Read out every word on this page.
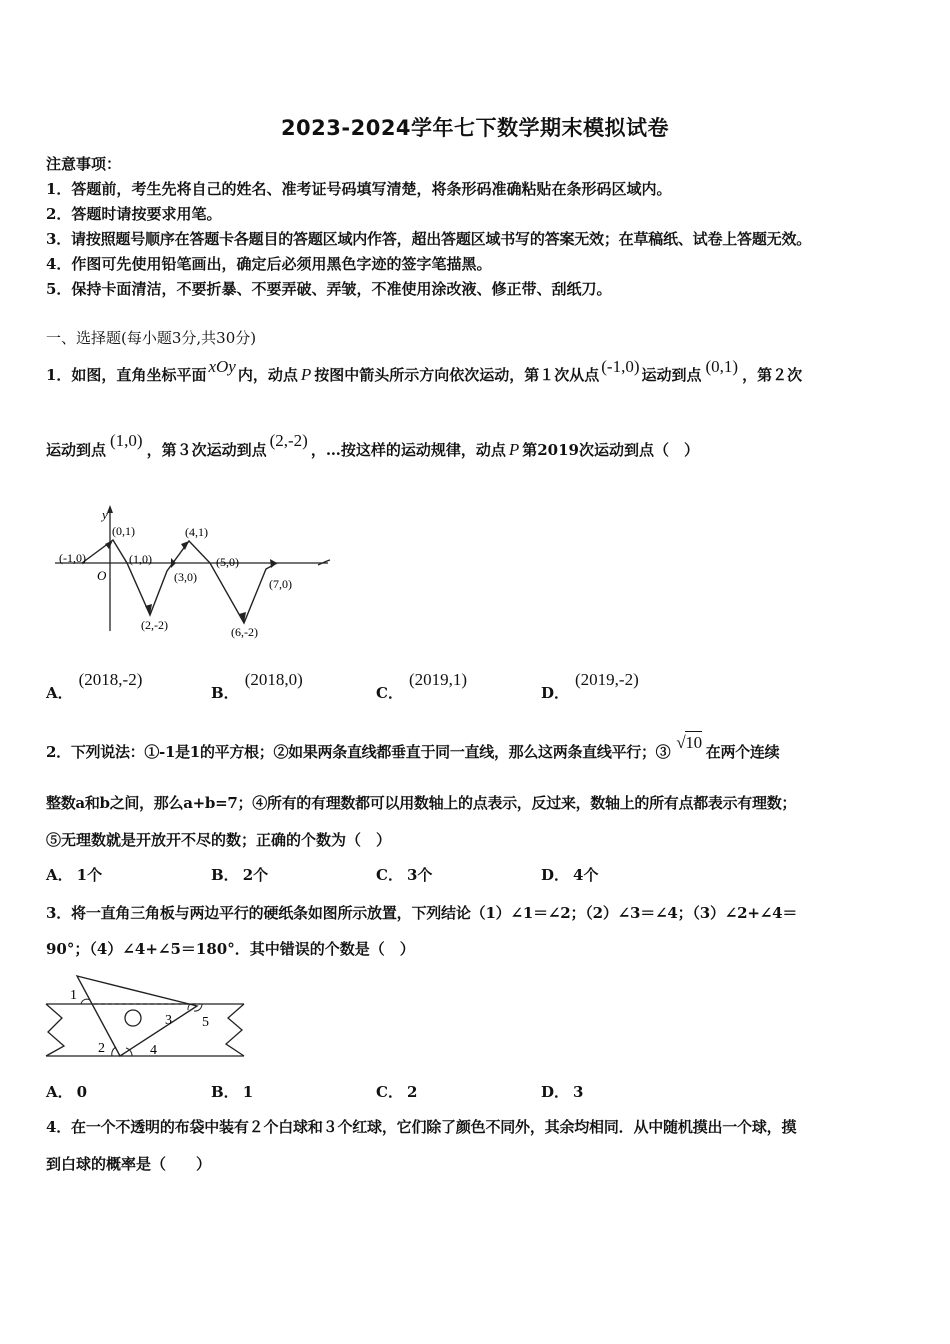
2023-2024学年七下数学期末模拟试卷
注意事项：
1．答题前，考生先将自己的姓名、准考证号码填写清楚，将条形码准确粘贴在条形码区域内。
2．答题时请按要求用笔。
3．请按照题号顺序在答题卡各题目的答题区域内作答，超出答题区域书写的答案无效；在草稿纸、试卷上答题无效。
4．作图可先使用铅笔画出，确定后必须用黑色字迹的签字笔描黑。
5．保持卡面清洁，不要折暴、不要弄破、弄皱，不准使用涂改液、修正带、刮纸刀。
一、选择题(每小题3分,共30分)
1．如图，直角坐标平面 xOy 内，动点 P 按图中箭头所示方向依次运动，第１次从点 (-1,0) 运动到点 (0,1) ，第２次
运动到点 (1,0) ，第３次运动到点 (2,-2) ，…按这样的运动规律，动点 P 第2019次运动到点（　）
y
O
(-1,0)
(0,1)
(1,0)
(2,-2)
(3,0)
(4,1)
(5,0)
(6,-2)
(7,0)
A．(2018,-2)
B．(2018,0)
C．(2019,1)
D．(2019,-2)
2．下列说法：①-1是1的平方根；②如果两条直线都垂直于同一直线，那么这两条直线平行；③ √10 在两个连续
整数a和b之间，那么a+b=7；④所有的有理数都可以用数轴上的点表示，反过来，数轴上的所有点都表示有理数；
⑤无理数就是开放开不尽的数；正确的个数为（　）
A． 1个	B． 2个	C． 3个	D． 4个
3．将一直角三角板与两边平行的硬纸条如图所示放置，下列结论（1）∠1＝∠2；（2）∠3＝∠4；（3）∠2+∠4＝
90°；（4）∠4+∠5＝180°．其中错误的个数是（　）
1
2
3
4
5
A． 0	B． 1	C． 2	D． 3
4．在一个不透明的布袋中装有２个白球和３个红球，它们除了颜色不同外，其余均相同．从中随机摸出一个球，摸
到白球的概率是（　　）
